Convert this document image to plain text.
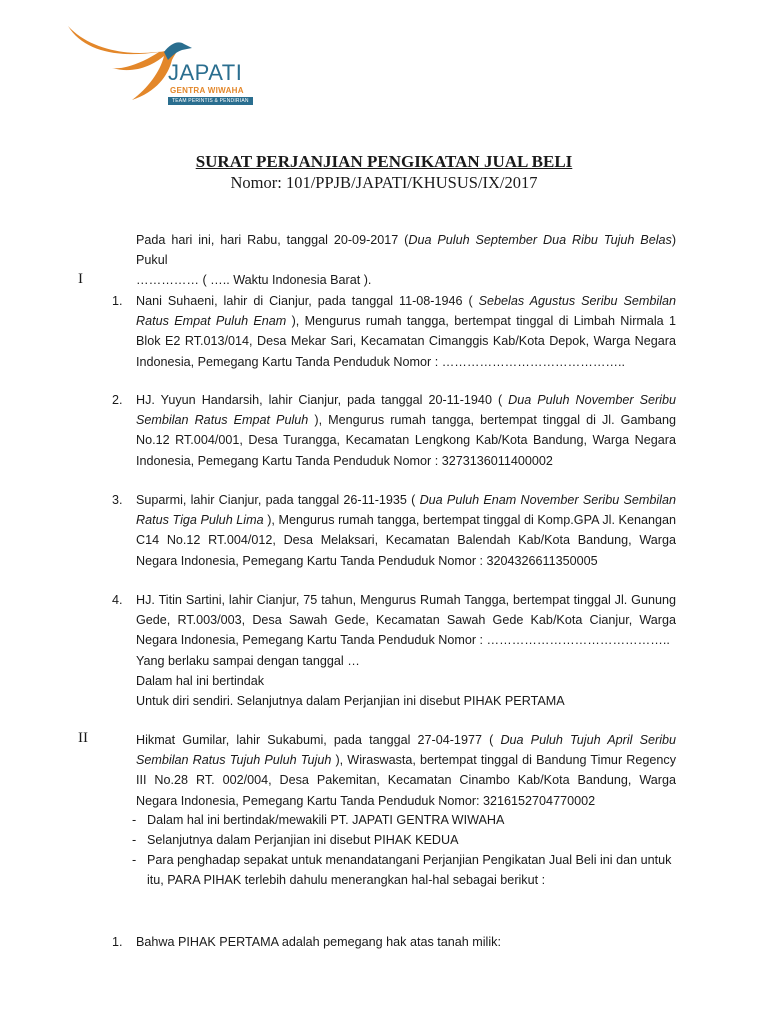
JAPATI
GENTRA WIWAHA
TEAM PERINTIS & PENDIRIAN
SURAT PERJANJIAN PENGIKATAN JUAL BELI
Nomor: 101/PPJB/JAPATI/KHUSUS/IX/2017
Pada hari ini, hari Rabu, tanggal 20-09-2017 (Dua Puluh September Dua Ribu Tujuh Belas) Pukul
…………… ( ….. Waktu Indonesia Barat ).
I
1. Nani Suhaeni, lahir di Cianjur, pada tanggal 11-08-1946 ( Sebelas Agustus Seribu Sembilan Ratus Empat Puluh Enam ), Mengurus rumah tangga, bertempat tinggal di Limbah Nirmala 1 Blok E2 RT.013/014, Desa Mekar Sari, Kecamatan Cimanggis Kab/Kota Depok, Warga Negara Indonesia, Pemegang Kartu Tanda Penduduk Nomor : ……………………………………..
2. HJ. Yuyun Handarsih, lahir Cianjur, pada tanggal 20-11-1940 ( Dua Puluh November Seribu Sembilan Ratus Empat Puluh ), Mengurus rumah tangga, bertempat tinggal di Jl. Gambang No.12 RT.004/001, Desa Turangga, Kecamatan Lengkong Kab/Kota Bandung, Warga Negara Indonesia, Pemegang Kartu Tanda Penduduk Nomor : 3273136011400002
3. Suparmi, lahir Cianjur, pada tanggal 26-11-1935 ( Dua Puluh Enam November Seribu Sembilan Ratus Tiga Puluh Lima ), Mengurus rumah tangga, bertempat tinggal di Komp.GPA Jl. Kenangan C14 No.12 RT.004/012, Desa Melaksari, Kecamatan Balendah Kab/Kota Bandung, Warga Negara Indonesia, Pemegang Kartu Tanda Penduduk Nomor : 3204326611350005
4. HJ. Titin Sartini, lahir Cianjur, 75 tahun, Mengurus Rumah Tangga, bertempat tinggal Jl. Gunung Gede, RT.003/003, Desa Sawah Gede, Kecamatan Sawah Gede Kab/Kota Cianjur, Warga Negara Indonesia, Pemegang Kartu Tanda Penduduk Nomor : ……………………………………..
Yang berlaku sampai dengan tanggal …
Dalam hal ini bertindak
Untuk diri sendiri. Selanjutnya dalam Perjanjian ini disebut PIHAK PERTAMA
II	Hikmat Gumilar, lahir Sukabumi, pada tanggal 27-04-1977 ( Dua Puluh Tujuh April Seribu Sembilan Ratus Tujuh Puluh Tujuh ), Wiraswasta, bertempat tinggal di Bandung Timur Regency III No.28 RT. 002/004, Desa Pakemitan, Kecamatan Cinambo Kab/Kota Bandung, Warga Negara Indonesia, Pemegang Kartu Tanda Penduduk Nomor: 3216152704770002
- Dalam hal ini bertindak/mewakili PT. JAPATI GENTRA WIWAHA
- Selanjutnya dalam Perjanjian ini disebut PIHAK KEDUA
- Para penghadap sepakat untuk menandatangani Perjanjian Pengikatan Jual Beli ini dan untuk
itu, PARA PIHAK terlebih dahulu menerangkan hal-hal sebagai berikut :
1. Bahwa PIHAK PERTAMA adalah pemegang hak atas tanah milik:
